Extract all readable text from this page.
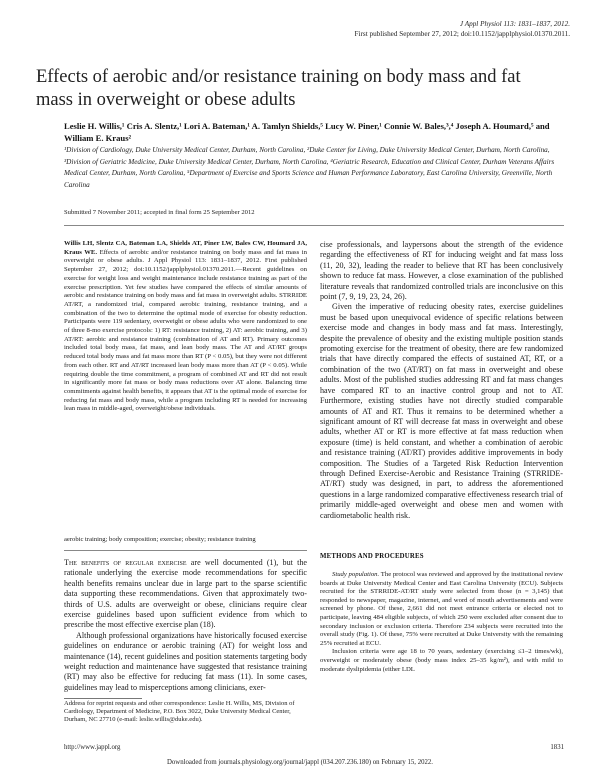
J Appl Physiol 113: 1831–1837, 2012.
First published September 27, 2012; doi:10.1152/japplphysiol.01370.2011.
Effects of aerobic and/or resistance training on body mass and fat mass in overweight or obese adults
Leslie H. Willis,¹ Cris A. Slentz,¹ Lori A. Bateman,¹ A. Tamlyn Shields,⁵ Lucy W. Piner,¹ Connie W. Bales,³,⁴ Joseph A. Houmard,⁵ and William E. Kraus²
¹Division of Cardiology, Duke University Medical Center, Durham, North Carolina, ²Duke Center for Living, Duke University Medical Center, Durham, North Carolina, ³Division of Geriatric Medicine, Duke University Medical Center, Durham, North Carolina, ⁴Geriatric Research, Education and Clinical Center, Durham Veterans Affairs Medical Center, Durham, North Carolina, ⁵Department of Exercise and Sports Science and Human Performance Laboratory, East Carolina University, Greenville, North Carolina
Submitted 7 November 2011; accepted in final form 25 September 2012

Willis LH, Slentz CA, Bateman LA, Shields AT, Piner LW, Bales CW, Houmard JA, Kraus WE. Effects of aerobic and/or resistance training on body mass and fat mass in overweight or obese adults. J Appl Physiol 113: 1831–1837, 2012. First published September 27, 2012; doi:10.1152/japplphysiol.01370.2011.—Recent guidelines on exercise for weight loss and weight maintenance include resistance training as part of the exercise prescription. Yet few studies have compared the effects of similar amounts of aerobic and resistance training on body mass and fat mass in overweight adults. STRRIDE AT/RT, a randomized trial, compared aerobic training, resistance training, and a combination of the two to determine the optimal mode of exercise for obesity reduction. Participants were 119 sedentary, overweight or obese adults who were randomized to one of three 8-mo exercise protocols: 1) RT: resistance training, 2) AT: aerobic training, and 3) AT/RT: aerobic and resistance training (combination of AT and RT). Primary outcomes included total body mass, fat mass, and lean body mass. The AT and AT/RT groups reduced total body mass and fat mass more than RT (P < 0.05), but they were not different from each other. RT and AT/RT increased lean body mass more than AT (P < 0.05). While requiring double the time commitment, a program of combined AT and RT did not result in significantly more fat mass or body mass reductions over AT alone. Balancing time commitments against health benefits, it appears that AT is the optimal mode of exercise for reducing fat mass and body mass, while a program including RT is needed for increasing lean mass in middle-aged, overweight/obese individuals.

aerobic training; body composition; exercise; obesity; resistance training

The benefits of regular exercise are well documented (1), but the rationale underlying the exercise mode recommendations for specific health benefits remains unclear due in large part to the sparse scientific data supporting these recommendations. Given that approximately two-thirds of U.S. adults are overweight or obese, clinicians require clear exercise guidelines based upon sufficient evidence from which to prescribe the most effective exercise plan (18).

Although professional organizations have historically focused exercise guidelines on endurance or aerobic training (AT) for weight loss and maintenance (14), recent guidelines and position statements targeting body weight reduction and maintenance have suggested that resistance training (RT) may also be effective for reducing fat mass (11). In some cases, guidelines may lead to misperceptions among clinicians, exer-

cise professionals, and laypersons about the strength of the evidence regarding the effectiveness of RT for inducing weight and fat mass loss (11, 20, 32), leading the reader to believe that RT has been conclusively shown to reduce fat mass. However, a close examination of the published literature reveals that randomized controlled trials are inconclusive on this point (7, 9, 19, 23, 24, 26).

Given the imperative of reducing obesity rates, exercise guidelines must be based upon unequivocal evidence of specific relations between exercise mode and changes in body mass and fat mass. Interestingly, despite the prevalence of obesity and the existing multiple position stands promoting exercise for the treatment of obesity, there are few randomized trials that have directly compared the effects of sustained AT, RT, or a combination of the two (AT/RT) on fat mass in overweight and obese adults. Most of the published studies addressing RT and fat mass changes have compared RT to an inactive control group and not to AT. Furthermore, existing studies have not directly studied comparable amounts of AT and RT. Thus it remains to be determined whether a significant amount of RT will decrease fat mass in overweight and obese adults, whether AT or RT is more effective at fat mass reduction when exposure (time) is held constant, and whether a combination of aerobic and resistance training (AT/RT) provides additive improvements in body composition. The Studies of a Targeted Risk Reduction Intervention through Defined Exercise-Aerobic and Resistance Training (STRRIDE-AT/RT) study was designed, in part, to address the aforementioned questions in a large randomized comparative effectiveness research trial of primarily middle-aged overweight and obese men and women with cardiometabolic health risk.

METHODS AND PROCEDURES

Study population. The protocol was reviewed and approved by the institutional review boards at Duke University Medical Center and East Carolina University (ECU). Subjects recruited for the STRRIDE-AT/RT study were selected from those (n = 3,145) that responded to newspaper, magazine, internet, and word of mouth advertisements and were screened by phone. Of these, 2,661 did not meet entrance criteria or elected not to participate, leaving 484 eligible subjects, of which 250 were excluded after consent due to secondary inclusion or exclusion criteria. Therefore 234 subjects were recruited into the overall study (Fig. 1). Of these, 75% were recruited at Duke University with the remaining 25% recruited at ECU.

Inclusion criteria were age 18 to 70 years, sedentary (exercising ≤1–2 times/wk), overweight or moderately obese (body mass index 25–35 kg/m²), and with mild to moderate dyslipidemia (either LDL

Address for reprint requests and other correspondence: Leslie H. Willis, MS, Division of Cardiology, Department of Medicine, P.O. Box 3022, Duke University Medical Center, Durham, NC 27710 (e-mail: leslie.willis@duke.edu).
http://www.jappl.org	1831
Downloaded from journals.physiology.org/journal/jappl (034.207.236.180) on February 15, 2022.
